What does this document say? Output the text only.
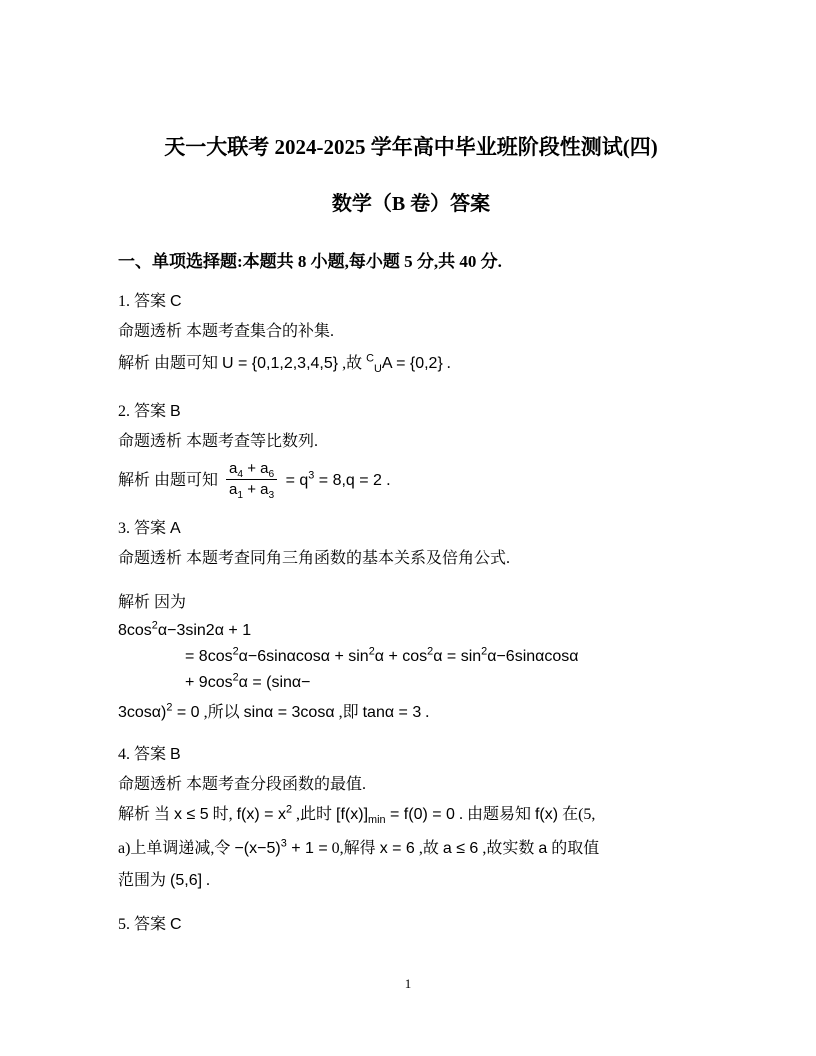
天一大联考 2024-2025 学年高中毕业班阶段性测试(四)
数学（B 卷）答案

一、单项选择题:本题共 8 小题,每小题 5 分,共 40 分.

1. 答案 C

命题透析 本题考查集合的补集.

解析 由题可知 U = {0,1,2,3,4,5} ,故 $^C_U$A = {0,2} .

2. 答案 B

命题透析 本题考查等比数列.

解析 由题可知 $\frac{a_4 + a_6}{a_1 + a_3} = q^3 = 8,q = 2$ .

3. 答案 A

命题透析 本题考查同角三角函数的基本关系及倍角公式.

解析 因为

$8\cos^2\alpha-3\sin 2\alpha + 1$

= $8\cos^2\alpha-6\sin\alpha\cos\alpha + \sin^2\alpha + \cos^2\alpha = \sin^2\alpha-6\sin\alpha\cos\alpha$

+ $9\cos^2\alpha = (\sin\alpha-$

3cosα)$^2$ = 0 ,所以 sinα = 3cosα ,即 tanα = 3 .

4. 答案 B

命题透析 本题考查分段函数的最值.

解析 当 x ≤ 5 时, $f(x) = x^2$ ,此时 $[f(x)]_{min} = f(0) = 0$ . 由题易知 f(x) 在(5,

a)上单调递减,令 $-(x-5)^3 + 1 = 0$,解得 x = 6 ,故 a ≤ 6 ,故实数 a 的取值

范围为 (5,6] .

5. 答案 C

1
